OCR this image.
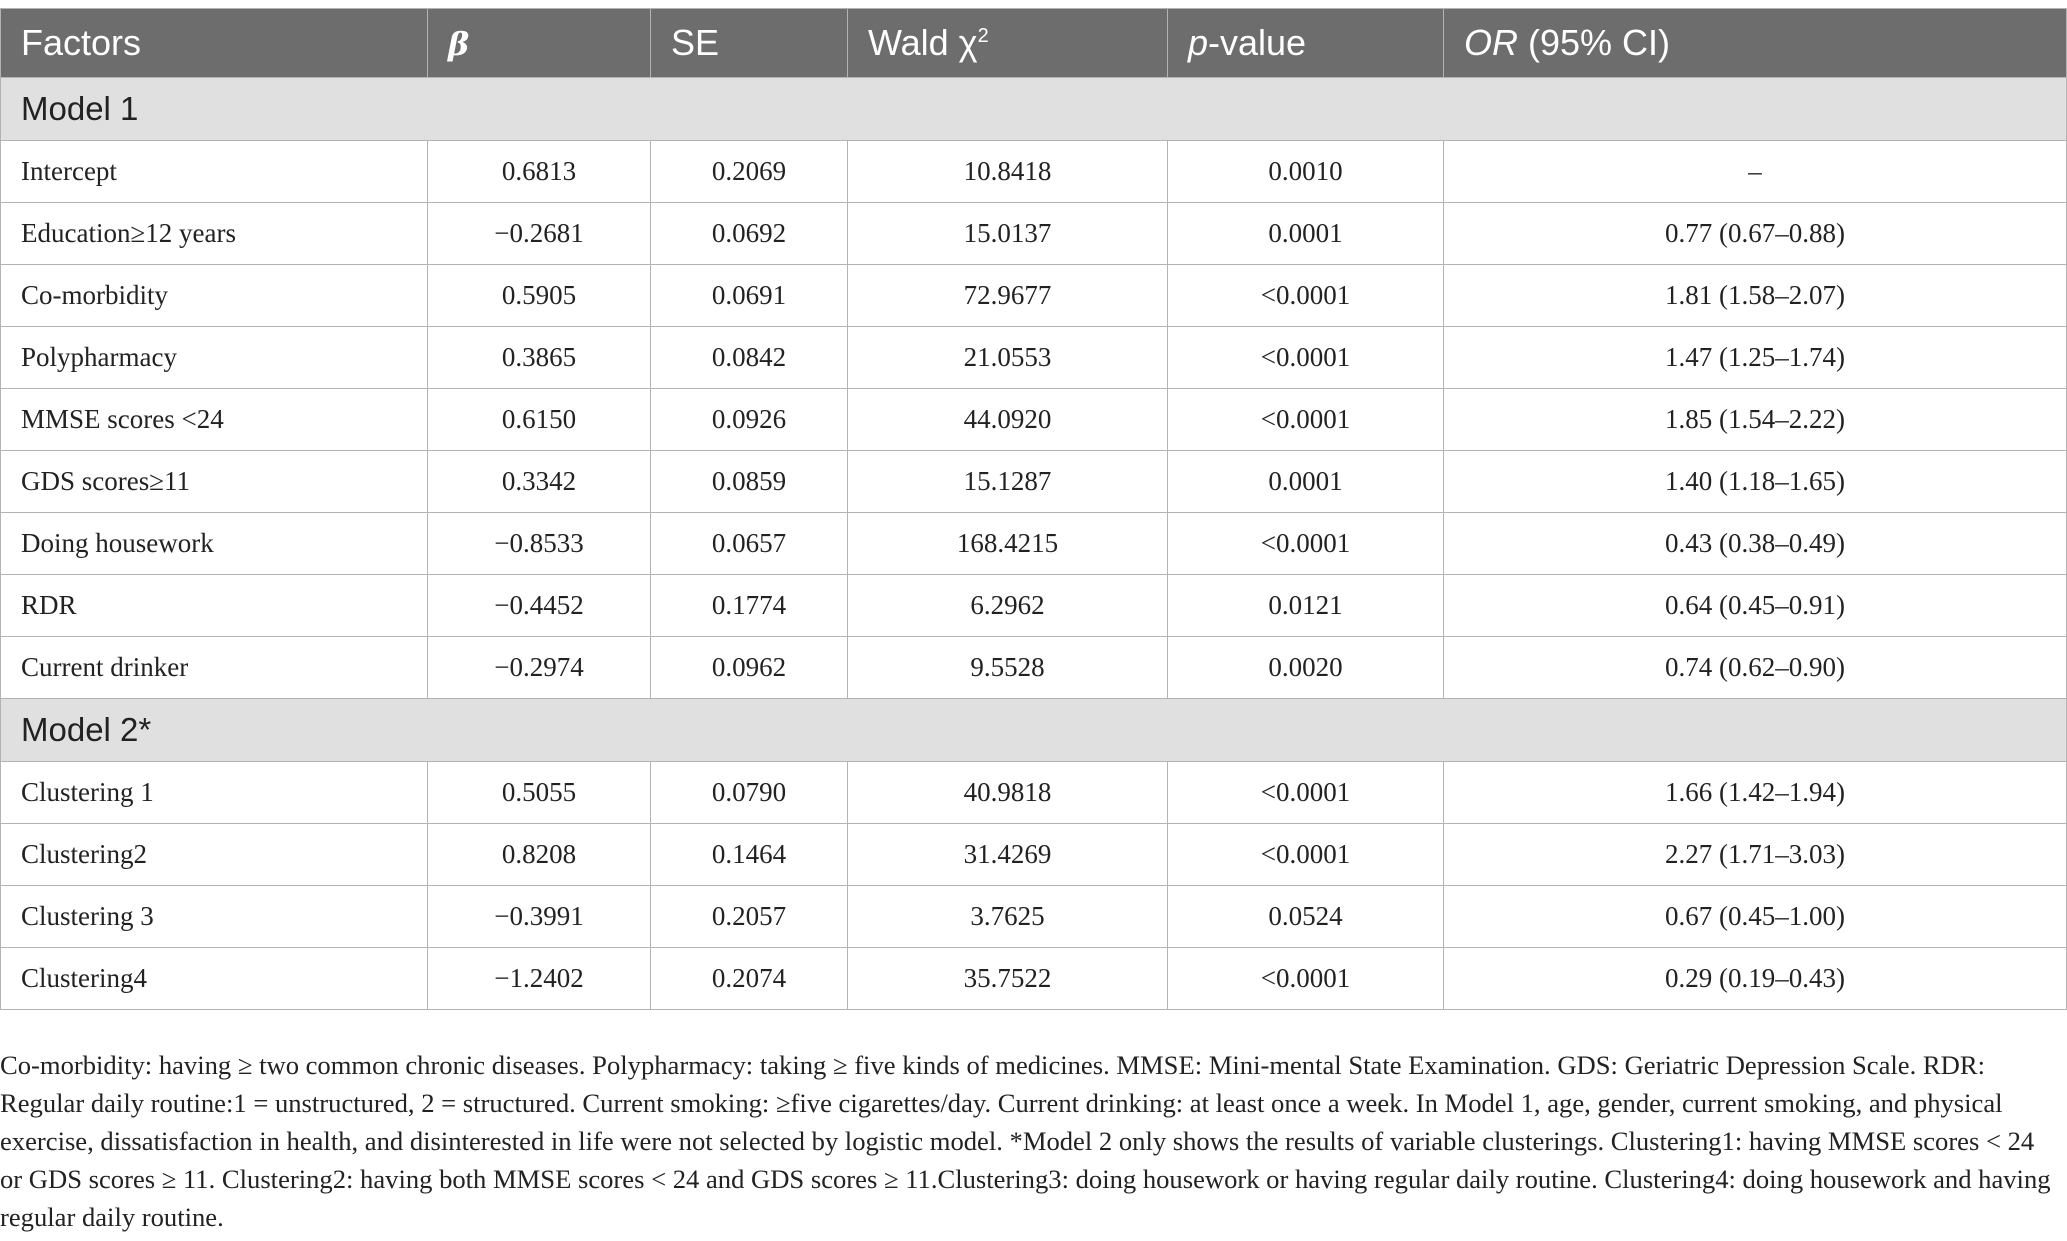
Factors	β	SE	Wald $\chi^2$	p-value	OR (95% CI)
Model 1					
Intercept	0.6813	0.2069	10.8418	0.0010	–
Education≥12 years	−0.2681	0.0692	15.0137	0.0001	0.77 (0.67–0.88)
Co-morbidity	0.5905	0.0691	72.9677	<0.0001	1.81 (1.58–2.07)
Polypharmacy	0.3865	0.0842	21.0553	<0.0001	1.47 (1.25–1.74)
MMSE scores <24	0.6150	0.0926	44.0920	<0.0001	1.85 (1.54–2.22)
GDS scores≥11	0.3342	0.0859	15.1287	0.0001	1.40 (1.18–1.65)
Doing housework	−0.8533	0.0657	168.4215	<0.0001	0.43 (0.38–0.49)
RDR	−0.4452	0.1774	6.2962	0.0121	0.64 (0.45–0.91)
Current drinker	−0.2974	0.0962	9.5528	0.0020	0.74 (0.62–0.90)
Model 2*					
Clustering 1	0.5055	0.0790	40.9818	<0.0001	1.66 (1.42–1.94)
Clustering2	0.8208	0.1464	31.4269	<0.0001	2.27 (1.71–3.03)
Clustering 3	−0.3991	0.2057	3.7625	0.0524	0.67 (0.45–1.00)
Clustering4	−1.2402	0.2074	35.7522	<0.0001	0.29 (0.19–0.43)

Co-morbidity: having ≥ two common chronic diseases. Polypharmacy: taking ≥ five kinds of medicines. MMSE: Mini-mental State Examination. GDS: Geriatric Depression Scale. RDR: Regular daily routine:1 = unstructured, 2 = structured. Current smoking: ≥five cigarettes/day. Current drinking: at least once a week. In Model 1, age, gender, current smoking, and physical exercise, dissatisfaction in health, and disinterested in life were not selected by logistic model. *Model 2 only shows the results of variable clusterings. Clustering1: having MMSE scores < 24 or GDS scores ≥ 11. Clustering2: having both MMSE scores < 24 and GDS scores ≥ 11.Clustering3: doing housework or having regular daily routine. Clustering4: doing housework and having regular daily routine.
